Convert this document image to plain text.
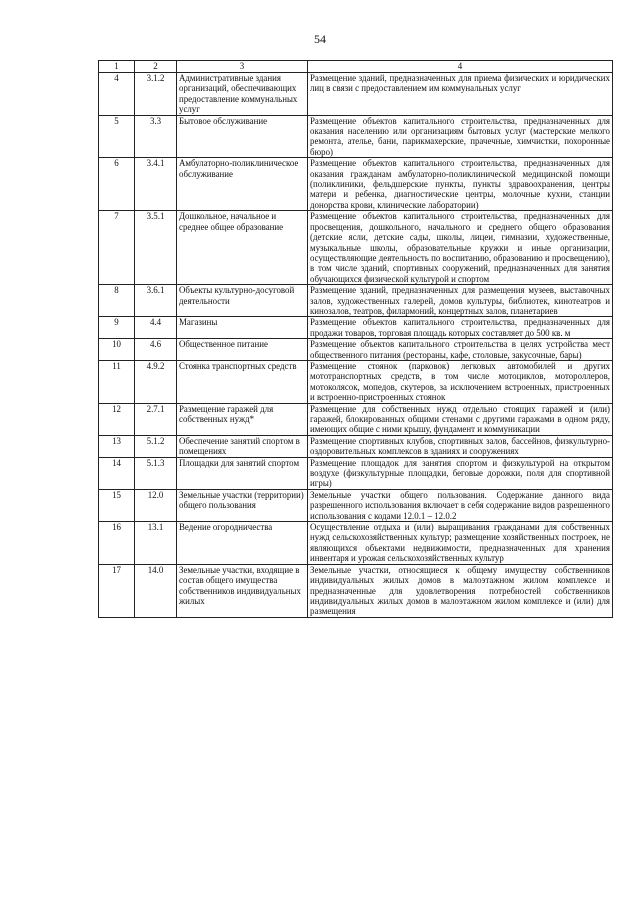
54
1	2	3	4
4	3.1.2	Административные здания организаций, обеспечивающих предоставление коммунальных услуг	Размещение зданий, предназначенных для приема физических и юридических лиц в связи с предоставлением им коммунальных услуг
5	3.3	Бытовое обслуживание	Размещение объектов капитального строительства, предназначенных для оказания населению или организациям бытовых услуг (мастерские мелкого ремонта, ателье, бани, парикмахерские, прачечные, химчистки, похоронные бюро)
6	3.4.1	Амбулаторно-поликлиническое обслуживание	Размещение объектов капитального строительства, предназначенных для оказания гражданам амбулаторно-поликлинической медицинской помощи (поликлиники, фельдшерские пункты, пункты здравоохранения, центры матери и ребенка, диагностические центры, молочные кухни, станции донорства крови, клинические лаборатории)
7	3.5.1	Дошкольное, начальное и среднее общее образование	Размещение объектов капитального строительства, предназначенных для просвещения, дошкольного, начального и среднего общего образования (детские ясли, детские сады, школы, лицеи, гимназии, художественные, музыкальные школы, образовательные кружки и иные организации, осуществляющие деятельность по воспитанию, образованию и просвещению), в том числе зданий, спортивных сооружений, предназначенных для занятия обучающихся физической культурой и спортом
8	3.6.1	Объекты культурно-досуговой деятельности	Размещение зданий, предназначенных для размещения музеев, выставочных залов, художественных галерей, домов культуры, библиотек, кинотеатров и кинозалов, театров, филармоний, концертных залов, планетариев
9	4.4	Магазины	Размещение объектов капитального строительства, предназначенных для продажи товаров, торговая площадь которых составляет до 500 кв. м
10	4.6	Общественное питание	Размещение объектов капитального строительства в целях устройства мест общественного питания (рестораны, кафе, столовые, закусочные, бары)
11	4.9.2	Стоянка транспортных средств	Размещение стоянок (парковок) легковых автомобилей и других мототранспортных средств, в том числе мотоциклов, мотороллеров, мотоколясок, мопедов, скутеров, за исключением встроенных, пристроенных и встроенно-пристроенных стоянок
12	2.7.1	Размещение гаражей для собственных нужд*	Размещение для собственных нужд отдельно стоящих гаражей и (или) гаражей, блокированных общими стенами с другими гаражами в одном ряду, имеющих общие с ними крышу, фундамент и коммуникации
13	5.1.2	Обеспечение занятий спортом в помещениях	Размещение спортивных клубов, спортивных залов, бассейнов, физкультурно-оздоровительных комплексов в зданиях и сооружениях
14	5.1.3	Площадки для занятий спортом	Размещение площадок для занятия спортом и физкультурой на открытом воздухе (физкультурные площадки, беговые дорожки, поля для спортивной игры)
15	12.0	Земельные участки (территории) общего пользования	Земельные участки общего пользования. Содержание данного вида разрешенного использования включает в себя содержание видов разрешенного использования с кодами 12.0.1 – 12.0.2
16	13.1	Ведение огородничества	Осуществление отдыха и (или) выращивания гражданами для собственных нужд сельскохозяйственных культур; размещение хозяйственных построек, не являющихся объектами недвижимости, предназначенных для хранения инвентаря и урожая сельскохозяйственных культур
17	14.0	Земельные участки, входящие в состав общего имущества собственников индивидуальных жилых	Земельные участки, относящиеся к общему имуществу собственников индивидуальных жилых домов в малоэтажном жилом комплексе и предназначенные для удовлетворения потребностей собственников индивидуальных жилых домов в малоэтажном жилом комплексе и (или) для размещения
